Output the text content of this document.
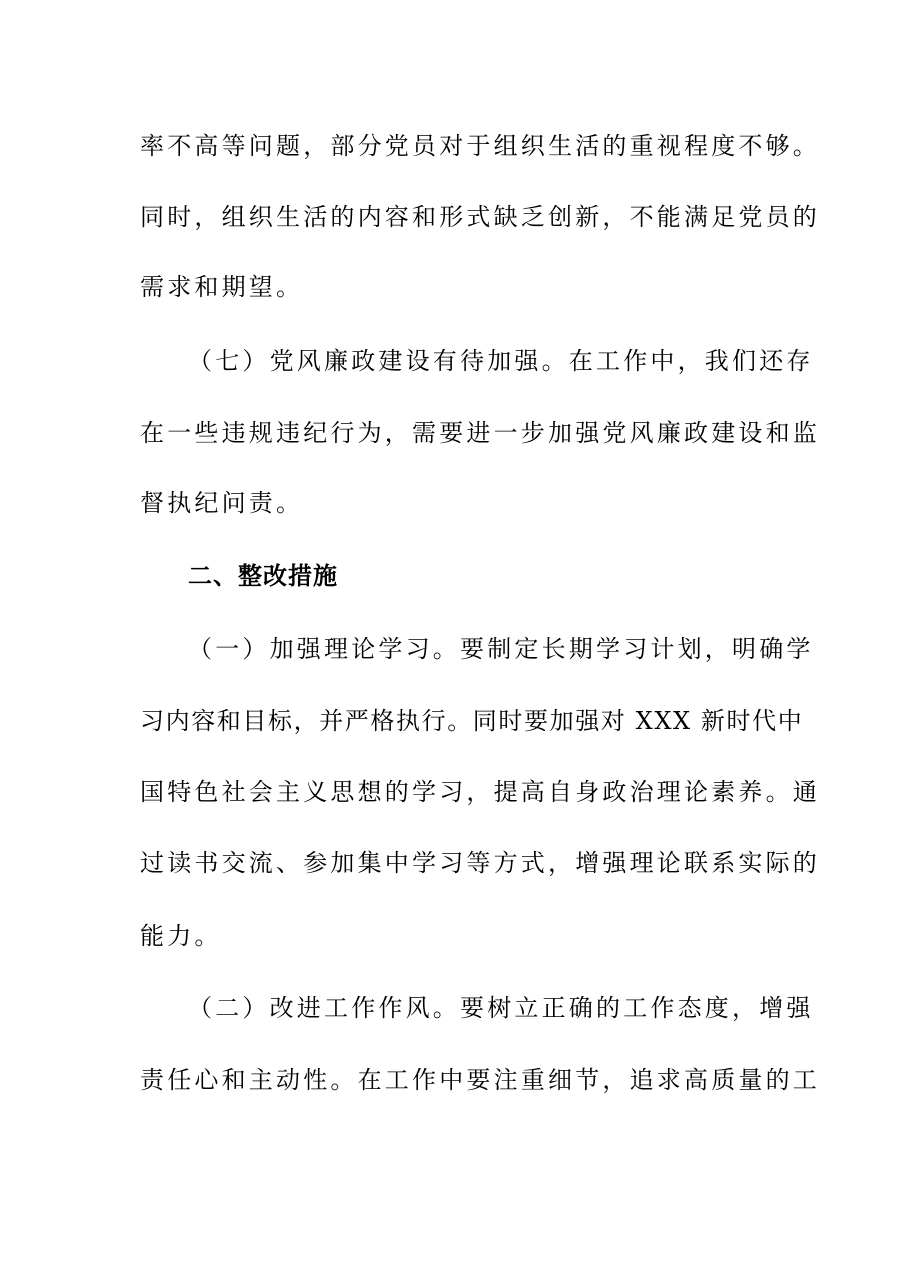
率不高等问题，部分党员对于组织生活的重视程度不够。
同时，组织生活的内容和形式缺乏创新，不能满足党员的
需求和期望。
（七）党风廉政建设有待加强。在工作中，我们还存
在一些违规违纪行为，需要进一步加强党风廉政建设和监
督执纪问责。
二、整改措施
（一）加强理论学习。要制定长期学习计划，明确学
习内容和目标，并严格执行。同时要加强对 XXX 新时代中
国特色社会主义思想的学习，提高自身政治理论素养。通
过读书交流、参加集中学习等方式，增强理论联系实际的
能力。
（二）改进工作作风。要树立正确的工作态度，增强
责任心和主动性。在工作中要注重细节，追求高质量的工
